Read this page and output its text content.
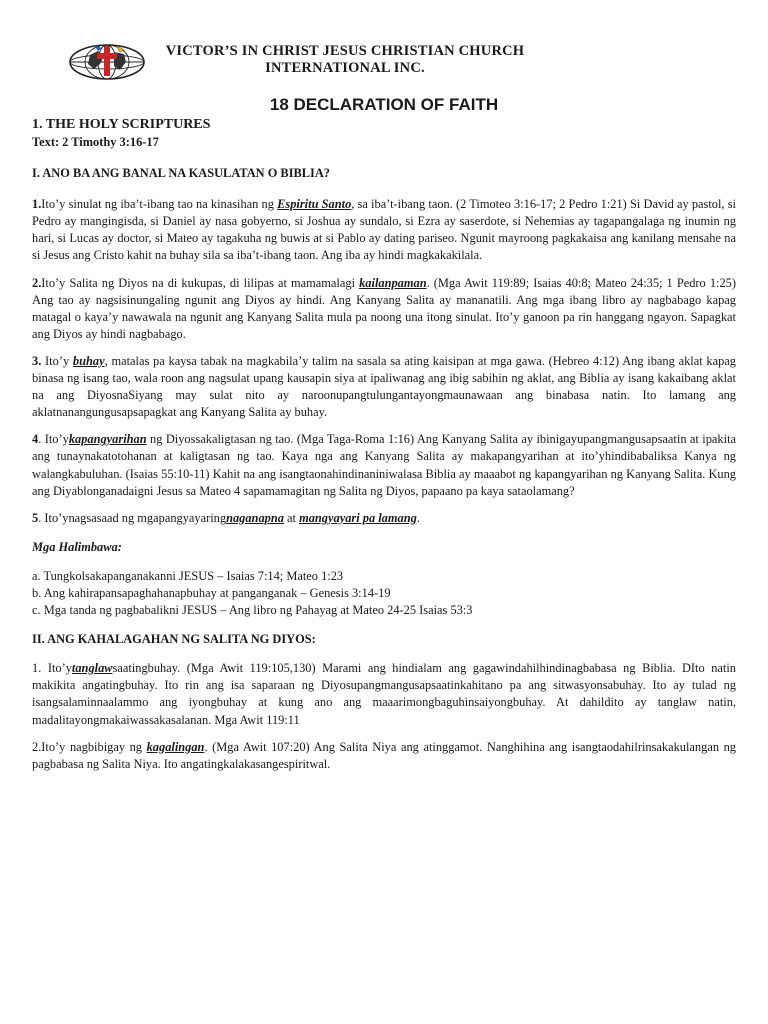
VICTOR’S IN CHRIST JESUS CHRISTIAN CHURCH
INTERNATIONAL INC.
18 DECLARATION OF FAITH

1. THE HOLY SCRIPTURES

Text: 2 Timothy 3:16-17

I. ANO BA ANG BANAL NA KASULATAN O BIBLIA?

1.Ito’y sinulat ng iba’t-ibang tao na kinasihan ng Espiritu Santo, sa iba’t-ibang taon. (2 Timoteo 3:16-17; 2 Pedro 1:21) Si David ay pastol, si Pedro ay mangingisda, si Daniel ay nasa gobyerno, si Joshua ay sundalo, si Ezra ay saserdote, si Nehemias ay tagapangalaga ng inumin ng hari, si Lucas ay doctor, si Mateo ay tagakuha ng buwis at si Pablo ay dating pariseo. Ngunit mayroong pagkakaisa ang kanilang mensahe na si Jesus ang Cristo kahit na buhay sila sa iba’t-ibang taon. Ang iba ay hindi magkakakilala.

2.Ito’y Salita ng Diyos na di kukupas, di lilipas at mamamalagi kailanpaman. (Mga Awit 119:89; Isaias 40:8; Mateo 24:35; 1 Pedro 1:25) Ang tao ay nagsisinungaling ngunit ang Diyos ay hindi. Ang Kanyang Salita ay mananatili. Ang mga ibang libro ay nagbabago kapag matagal o kaya’y nawawala na ngunit ang Kanyang Salita mula pa noong una itong sinulat. Ito’y ganoon pa rin hanggang ngayon. Sapagkat ang Diyos ay hindi nagbabago.

3. Ito’y buhay, matalas pa kaysa tabak na magkabila’y talim na sasala sa ating kaisipan at mga gawa. (Hebreo 4:12) Ang ibang aklat kapag binasa ng isang tao, wala roon ang nagsulat upang kausapin siya at ipaliwanag ang ibig sabihin ng aklat, ang Biblia ay isang kakaibang aklat na ang DiyosnaSiyang may sulat nito ay naroonupangtulungantayongmaunawaan ang binabasa natin. Ito lamang ang aklatnanangungusapsapagkat ang Kanyang Salita ay buhay.

4. Ito’ykapangyarihan ng Diyossakaligtasan ng tao. (Mga Taga-Roma 1:16) Ang Kanyang Salita ay ibinigayupangmangusapsaatin at ipakita ang tunaynakatotohanan at kaligtasan ng tao. Kaya nga ang Kanyang Salita ay makapangyarihan at ito’yhindibabaliksa Kanya ng walangkabuluhan. (Isaias 55:10-11) Kahit na ang isangtaonahindinaniniwalasa Biblia ay maaabot ng kapangyarihan ng Kanyang Salita. Kung ang Diyablonganadaigni Jesus sa Mateo 4 sapamamagitan ng Salita ng Diyos, papaano pa kaya sataolamang?

5. Ito’ynagsasaad ng mgapangyayaringnaganapna at mangyayari pa lamang.

Mga Halimbawa:

a. Tungkolsakapanganakanni JESUS – Isaias 7:14; Mateo 1:23

b. Ang kahirapansapaghahanapbuhay at panganganak – Genesis 3:14-19

c. Mga tanda ng pagbabalikni JESUS – Ang libro ng Pahayag at Mateo 24-25 Isaias 53:3

II. ANG KAHALAGAHAN NG SALITA NG DIYOS:

1. Ito’ytanglawsaatingbuhay. (Mga Awit 119:105,130) Marami ang hindialam ang gagawindahilhindinagbabasa ng Biblia. DIto natin makikita angatingbuhay. Ito rin ang isa saparaan ng Diyosupangmangusapsaatinkahitano pa ang sitwasyonsabuhay. Ito ay tulad ng isangsalaminnaalammo ang iyongbuhay at kung ano ang maaarimongbaguhinsaiyongbuhay. At dahildito ay tanglaw natin, madalitayongmakaiwassakasalanan. Mga Awit 119:11

2.Ito’y nagbibigay ng kagalingan. (Mga Awit 107:20) Ang Salita Niya ang atinggamot. Nanghihina ang isangtaodahilrinsakakulangan ng pagbabasa ng Salita Niya. Ito angatingkalakasangespiritwal.
